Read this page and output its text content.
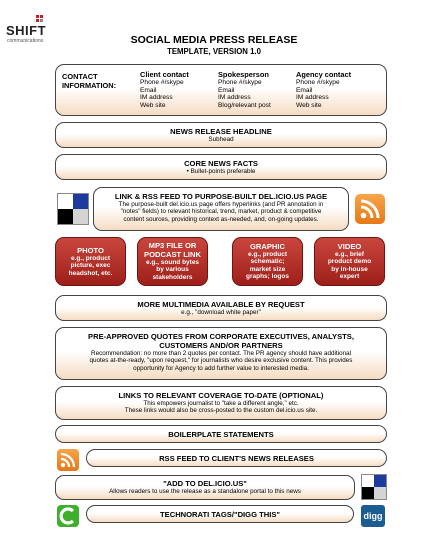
SHIFT
communications	SOCIAL MEDIA PRESS RELEASE
TEMPLATE, VERSION 1.0
CONTACT
INFORMATION:
Client contact
Phone #/skype
Email
IM address
Web site
Spokesperson
Phone #/skype
Email
IM address
Blog/relevant post
Agency contact
Phone #/skype
Email
IM address
Web site
NEWS RELEASE HEADLINE
Subhead
CORE NEWS FACTS
• Bullet-points preferable
LINK & RSS FEED TO PURPOSE-BUILT DEL.ICIO.US PAGE
The purpose-built del.icio.us page offers hyperlinks (and PR annotation in
"notes" fields) to relevant historical, trend, market, product & competitive
content sources, providing context as-needed, and, on-going updates.
PHOTO
e.g., product
picture, exec
headshot, etc.
MP3 FILE OR
PODCAST LINK
e.g., sound bytes
by various
stakeholders
GRAPHIC
e.g., product
schematic;
market size
graphs; logos
VIDEO
e.g., brief
product demo
by in-house
expert
MORE MULTIMEDIA AVAILABLE BY REQUEST
e.g., "download white paper"
PRE-APPROVED QUOTES FROM CORPORATE EXECUTIVES, ANALYSTS,
CUSTOMERS AND/OR PARTNERS
Recommendation: no more than 2 quotes per contact. The PR agency should have additional
quotes at-the-ready, "upon request," for journalists who desire exclusive content. This provides
opportunity for Agency to add further value to interested media.
LINKS TO RELEVANT COVERAGE TO-DATE (OPTIONAL)
This empowers journalist to "take a different angle," etc.
These links would also be cross-posted to the custom del.icio.us site.
BOILERPLATE STATEMENTS
RSS FEED TO CLIENT'S NEWS RELEASES
"ADD TO DEL.ICIO.US"
Allows readers to use the release as a standalone portal to this news
TECHNORATI TAGS/"DIGG THIS"	digg
